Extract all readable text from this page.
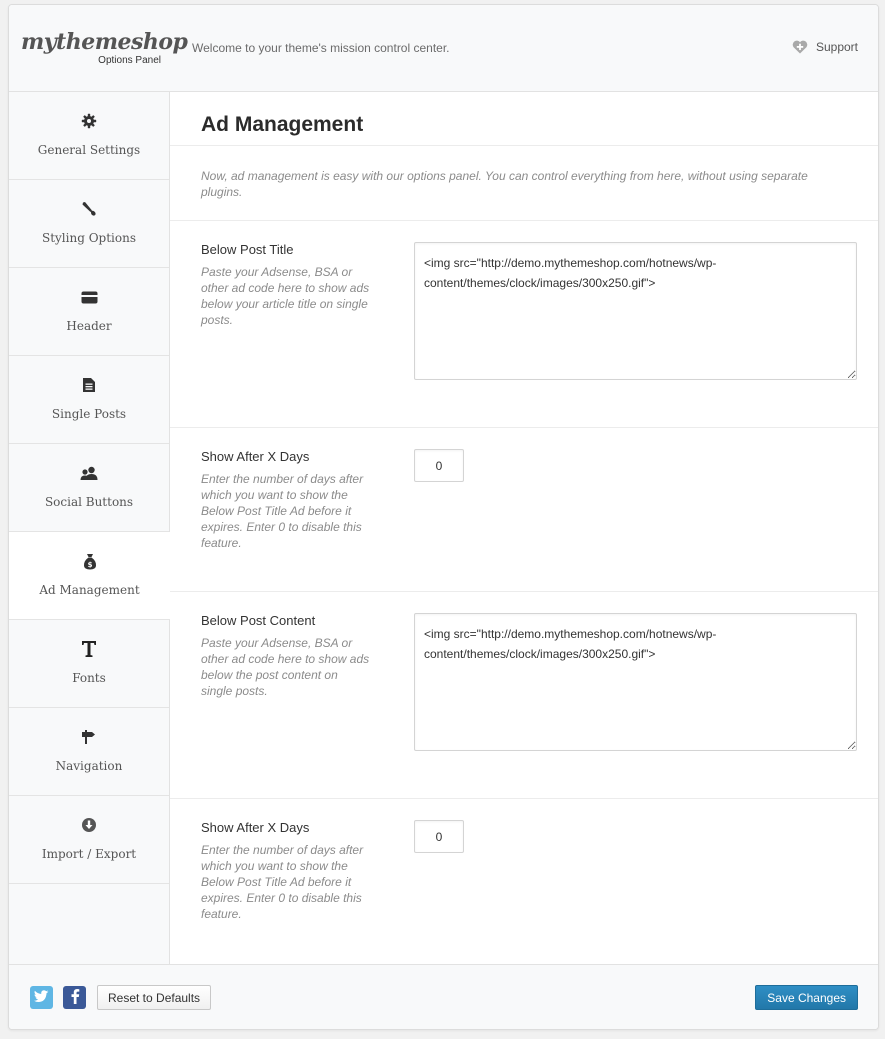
mythemeshop
Options Panel
Welcome to your theme's mission control center.	Support
General Settings
Styling Options
Header
Single Posts
Social Buttons
$
Ad Management
Fonts
Navigation
Import / Export
Ad Management
Now, ad management is easy with our options panel. You can control everything from here, without using separate plugins.
Below Post Title
Paste your Adsense, BSA or other ad code here to show ads below your article title on single posts.
<img src="http://demo.mythemeshop.com/hotnews/wp-content/themes/clock/images/300x250.gif">
Show After X Days
Enter the number of days after which you want to show the Below Post Title Ad before it expires. Enter 0 to disable this feature.
0
Below Post Content
Paste your Adsense, BSA or other ad code here to show ads below the post content on single posts.
<img src="http://demo.mythemeshop.com/hotnews/wp-content/themes/clock/images/300x250.gif">
Show After X Days
Enter the number of days after which you want to show the Below Post Title Ad before it expires. Enter 0 to disable this feature.
0
Reset to Defaults	Save Changes
